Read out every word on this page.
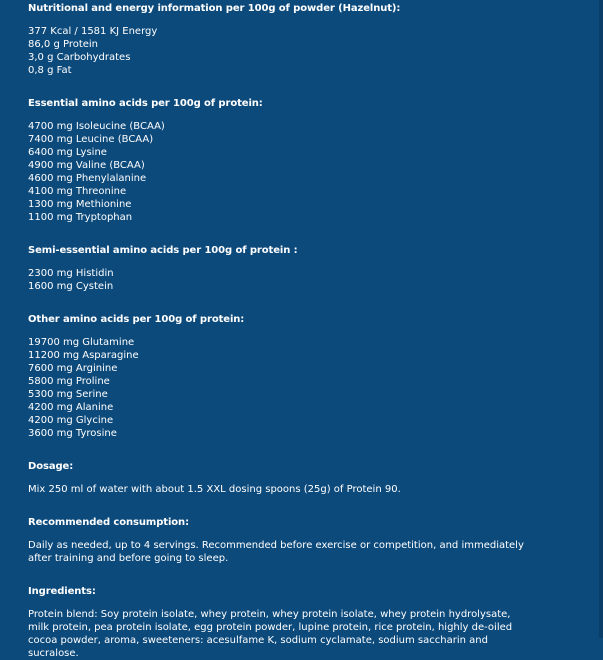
Nutritional and energy information per 100g of powder (Hazelnut):
377 Kcal / 1581 KJ Energy
86,0 g Protein
3,0 g Carbohydrates
0,8 g Fat
Essential amino acids per 100g of protein:
4700 mg Isoleucine (BCAA)
7400 mg Leucine (BCAA)
6400 mg Lysine
4900 mg Valine (BCAA)
4600 mg Phenylalanine
4100 mg Threonine
1300 mg Methionine
1100 mg Tryptophan
Semi-essential amino acids per 100g of protein :
2300 mg Histidin
1600 mg Cystein
Other amino acids per 100g of protein:
19700 mg Glutamine
11200 mg Asparagine
7600 mg Arginine
5800 mg Proline
5300 mg Serine
4200 mg Alanine
4200 mg Glycine
3600 mg Tyrosine
Dosage:
Mix 250 ml of water with about 1.5 XXL dosing spoons (25g) of Protein 90.
Recommended consumption:
Daily as needed, up to 4 servings. Recommended before exercise or competition, and immediately
after training and before going to sleep.
Ingredients:
Protein blend: Soy protein isolate, whey protein, whey protein isolate, whey protein hydrolysate,
milk protein, pea protein isolate, egg protein powder, lupine protein, rice protein, highly de-oiled
cocoa powder, aroma, sweeteners: acesulfame K, sodium cyclamate, sodium saccharin and
sucralose.
